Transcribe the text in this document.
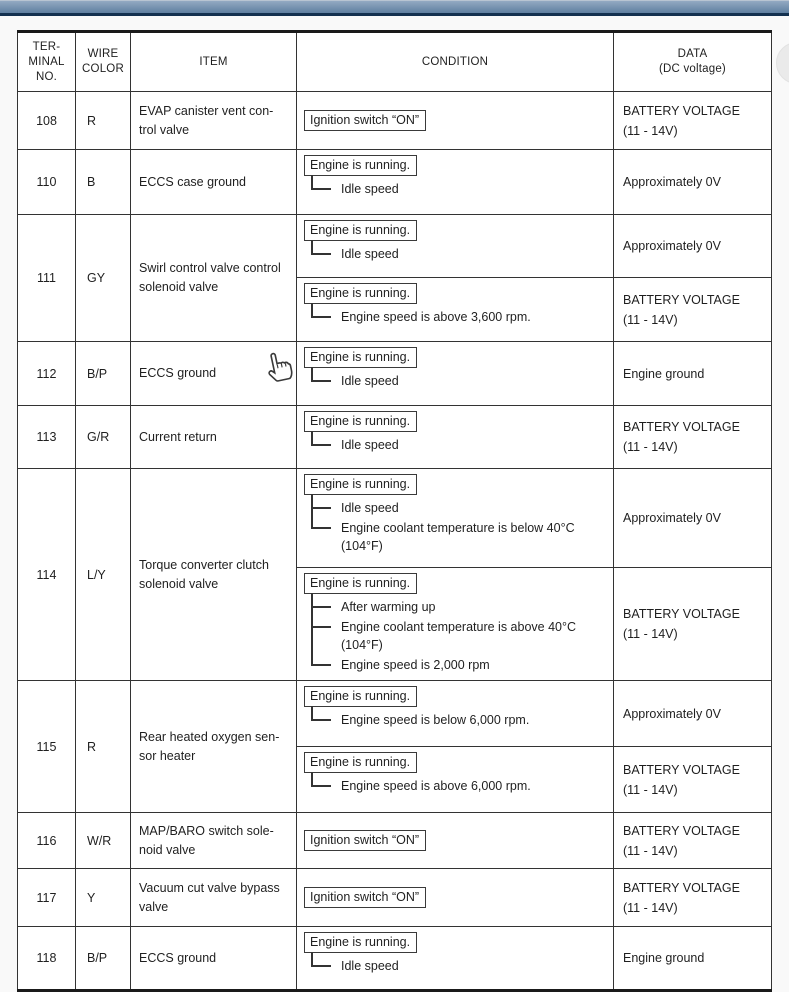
TER-
MINAL
NO.	WIRE
COLOR	ITEM	CONDITION	DATA
(DC voltage)
108	R	EVAP canister vent con-
trol valve	Ignition switch “ON”	BATTERY VOLTAGE
(11 - 14V)
110	B	ECCS case ground	Engine is running.
Idle speed	Approximately 0V
111	GY	Swirl control valve control
solenoid valve	Engine is running.
Idle speed
	Approximately 0V
Engine is running.
Engine speed is above 3,600 rpm.
	BATTERY VOLTAGE
(11 - 14V)
112	B/P	ECCS ground	Engine is running.
Idle speed	Engine ground
113	G/R	Current return	Engine is running.
Idle speed
	BATTERY VOLTAGE
(11 - 14V)
114	L/Y	Torque converter clutch
solenoid valve	Engine is running.
Idle speed
Engine coolant temperature is below 40°C
(104°F)
	Approximately 0V
Engine is running.
After warming up
Engine coolant temperature is above 40°C
(104°F)
Engine speed is 2,000 rpm
	BATTERY VOLTAGE
(11 - 14V)
115	R	Rear heated oxygen sen-
sor heater	Engine is running.
Engine speed is below 6,000 rpm.	Approximately 0V
Engine is running.
Engine speed is above 6,000 rpm.
	BATTERY VOLTAGE
(11 - 14V)
116	W/R	MAP/BARO switch sole-
noid valve	Ignition switch “ON”	BATTERY VOLTAGE
(11 - 14V)
117	Y	Vacuum cut valve bypass
valve	Ignition switch “ON”	BATTERY VOLTAGE
(11 - 14V)
118	B/P	ECCS ground	Engine is running.
Idle speed	Engine ground
